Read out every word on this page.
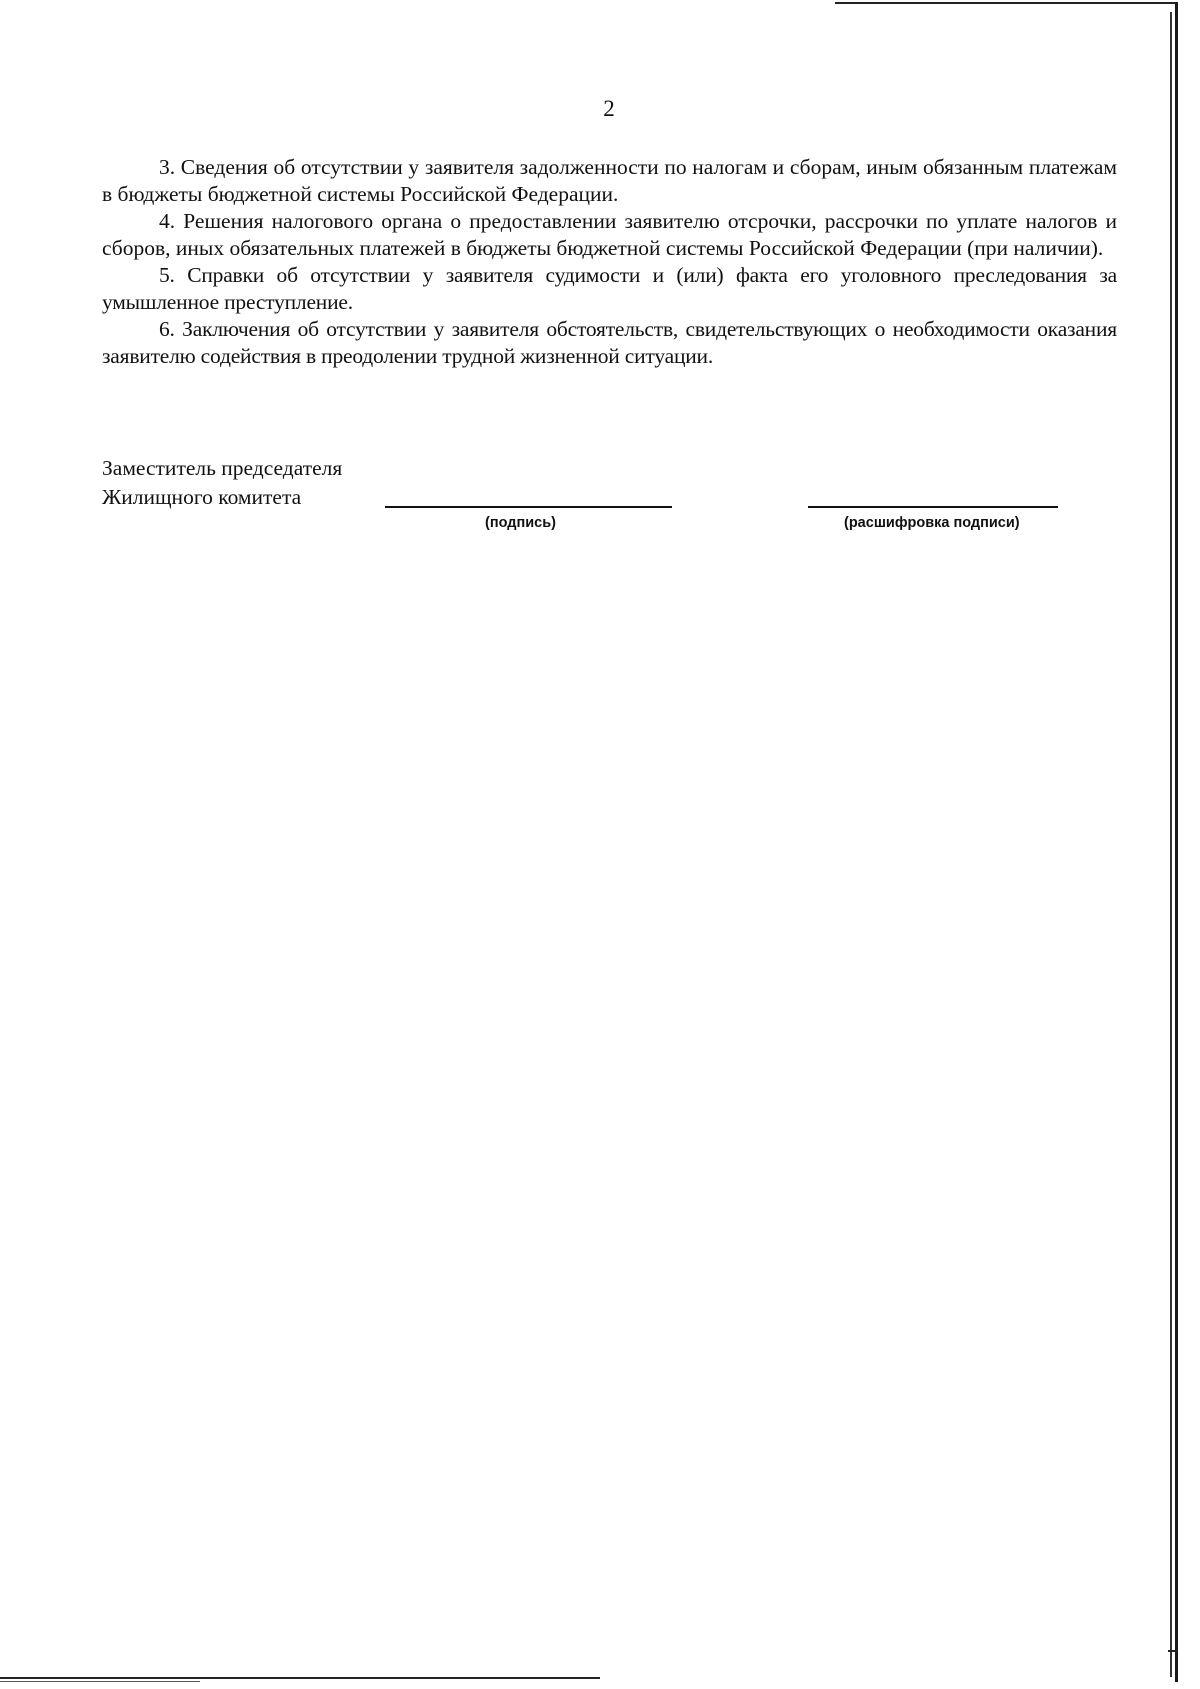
2

3. Сведения об отсутствии у заявителя задолженности по налогам и сборам, иным обязанным платежам в бюджеты бюджетной системы Российской Федерации.

4. Решения налогового органа о предоставлении заявителю отсрочки, рассрочки по уплате налогов и сборов, иных обязательных платежей в бюджеты бюджетной системы Российской Федерации (при наличии).

5. Справки об отсутствии у заявителя судимости и (или) факта его уголовного преследования за умышленное преступление.

6. Заключения об отсутствии у заявителя обстоятельств, свидетельствующих о необходимости оказания заявителю содействия в преодолении трудной жизненной ситуации.

Заместитель председателя
Жилищного комитета
(подпись)	(расшифровка подписи)
